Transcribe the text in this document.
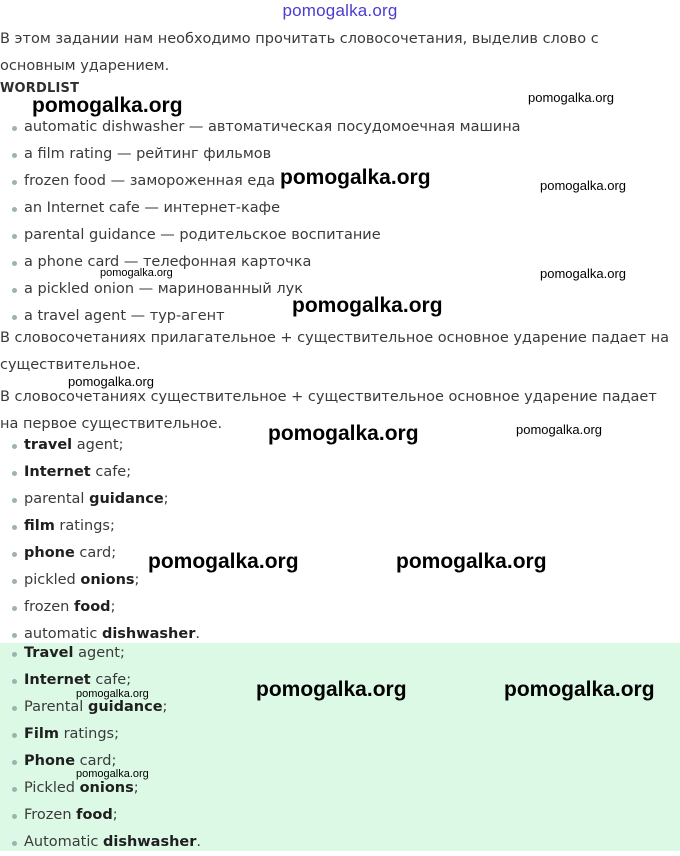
pomogalka.org

В этом задании нам необходимо прочитать словосочетания, выделив слово с основным ударением.

WORDLIST

automatic dishwasher — автоматическая посудомоечная машина
a film rating — рейтинг фильмов
frozen food — замороженная еда
an Internet cafe — интернет-кафе
parental guidance — родительское воспитание
a phone card — телефонная карточка
a pickled onion — маринованный лук
a travel agent — тур-агент

В словосочетаниях прилагательное + существительное основное ударение падает на существительное.

В словосочетаниях существительное + существительное основное ударение падает на первое существительное.

travel agent;
Internet cafe;
parental guidance;
film ratings;
phone card;
pickled onions;
frozen food;
automatic dishwasher.
Travel agent;
Internet cafe;
Parental guidance;
Film ratings;
Phone card;
Pickled onions;
Frozen food;
Automatic dishwasher.
pomogalka.org	pomogalka.org
pomogalka.org	pomogalka.org
pomogalka.org	pomogalka.org
pomogalka.org
pomogalka.org
pomogalka.org	pomogalka.org
pomogalka.org	pomogalka.org
pomogalka.org	pomogalka.org
pomogalka.org
pomogalka.org
